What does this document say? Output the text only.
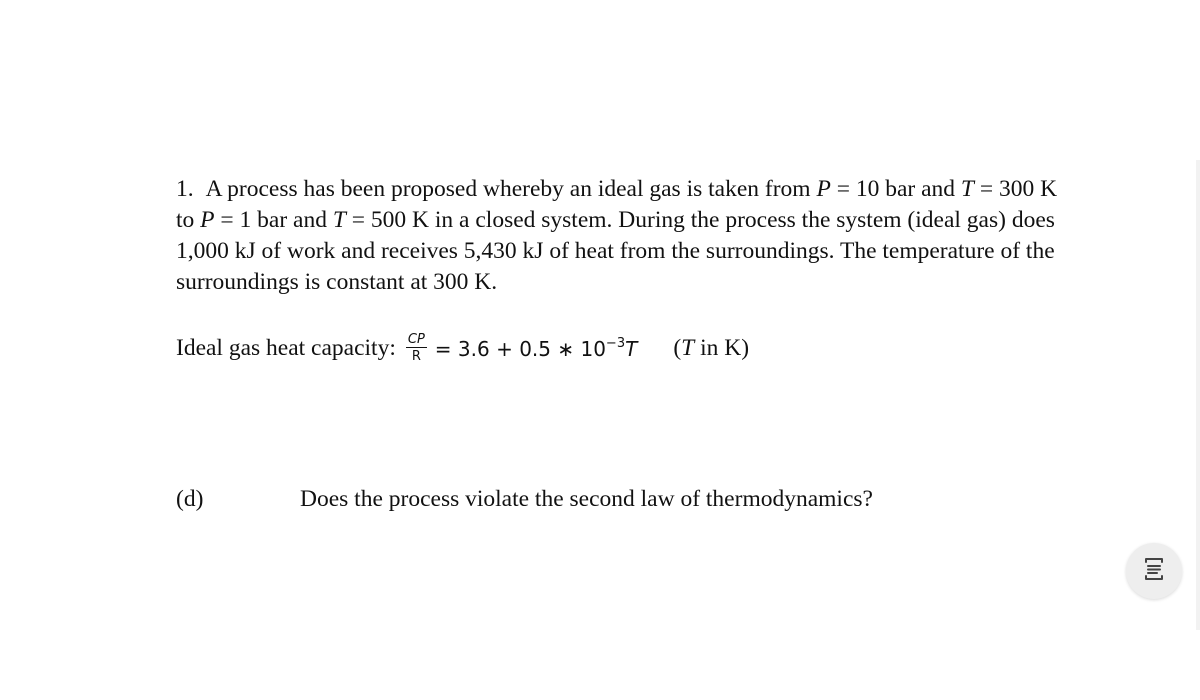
1. A process has been proposed whereby an ideal gas is taken from P = 10 bar and T = 300 K to P = 1 bar and T = 500 K in a closed system. During the process the system (ideal gas) does 1,000 kJ of work and receives 5,430 kJ of heat from the surroundings. The temperature of the surroundings is constant at 300 K.
Ideal gas heat capacity: $\frac{CP}{R} = 3.6 + 0.5$ ∗ $10^{-3}T$ (T in K)
(d)	Does the process violate the second law of thermodynamics?
